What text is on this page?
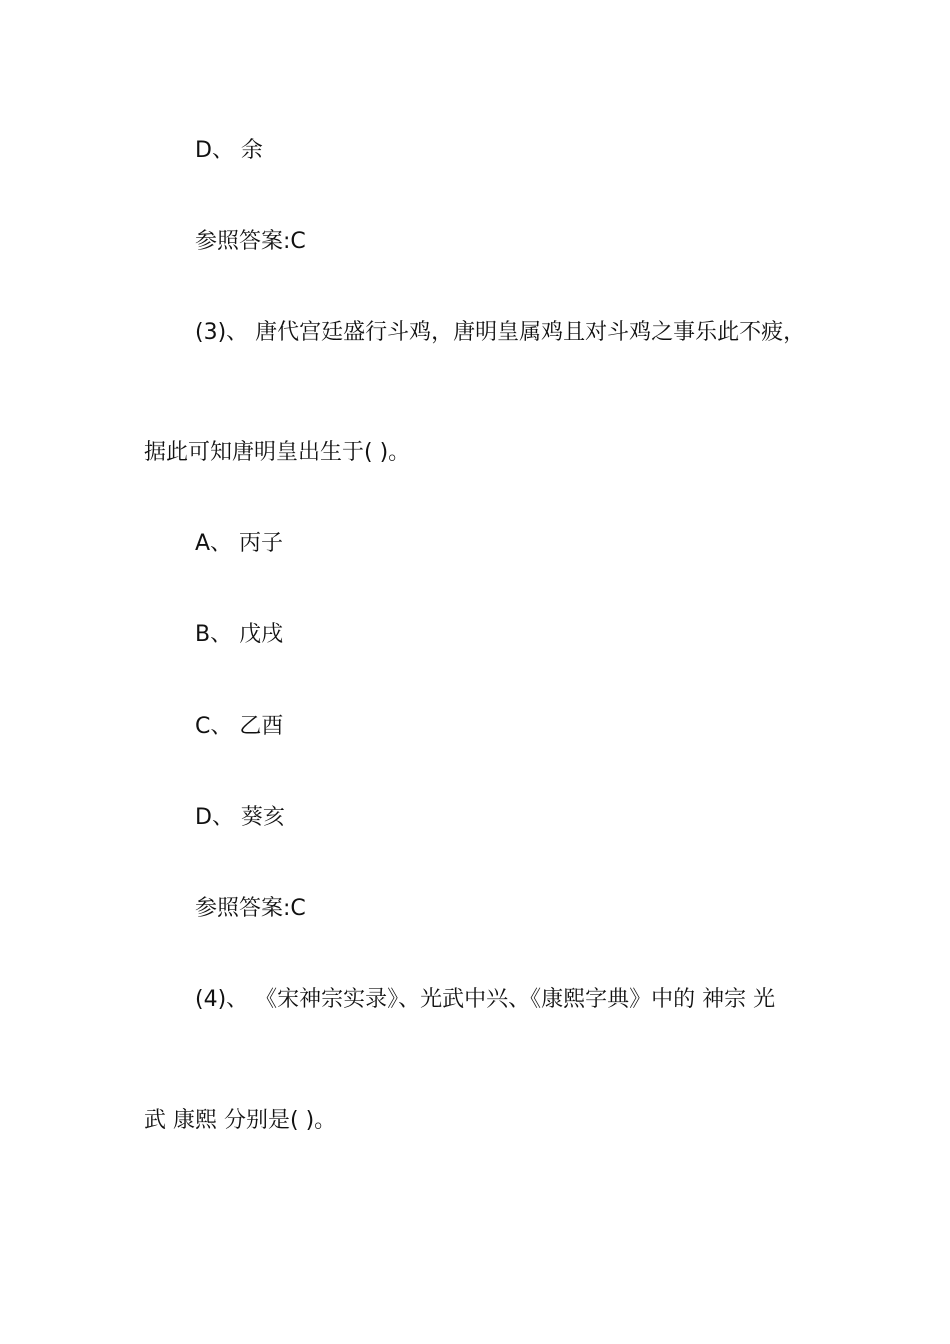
D、 余
参照答案:C
(3)、 唐代宫廷盛行斗鸡，唐明皇属鸡且对斗鸡之事乐此不疲，
据此可知唐明皇出生于( )。
A、 丙子
B、 戊戌
C、 乙酉
D、 葵亥
参照答案:C
(4)、 《宋神宗实录》、光武中兴、《康熙字典》中的 神宗 光
武 康熙 分别是( )。
